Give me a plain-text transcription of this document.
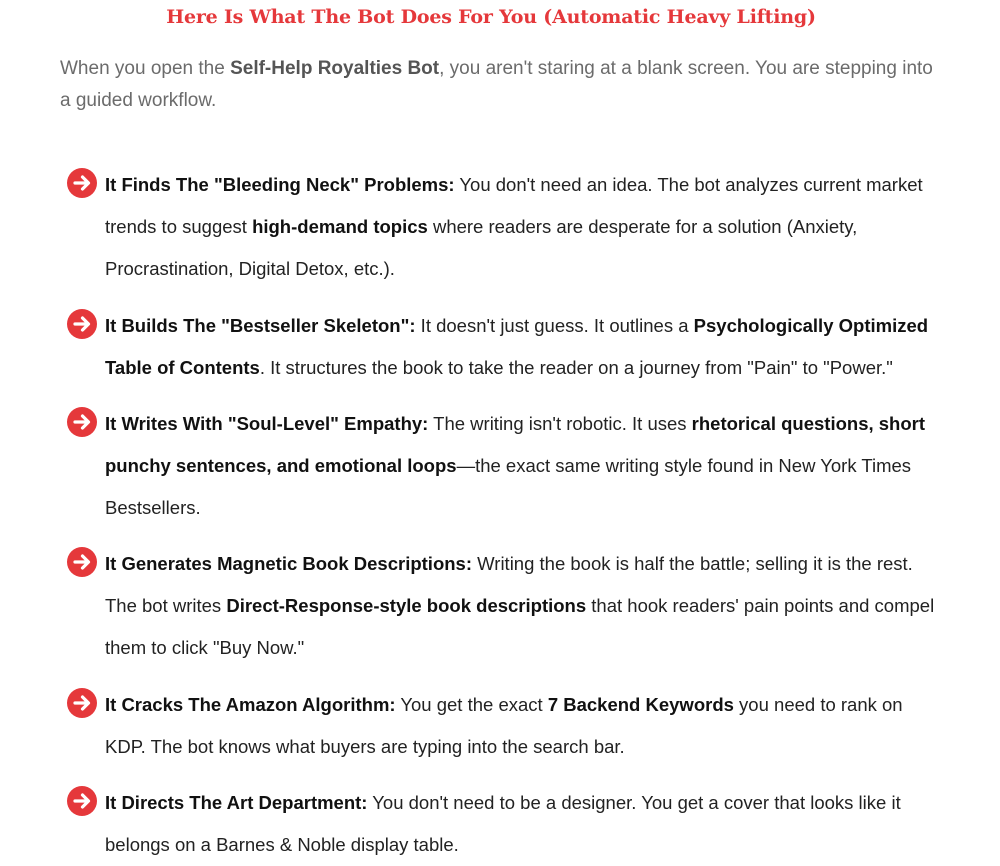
Here Is What The Bot Does For You (Automatic Heavy Lifting)

When you open the Self-Help Royalties Bot, you aren't staring at a blank screen. You are stepping into a guided workflow.

It Finds The "Bleeding Neck" Problems: You don't need an idea. The bot analyzes current market trends to suggest high-demand topics where readers are desperate for a solution (Anxiety, Procrastination, Digital Detox, etc.).

It Builds The "Bestseller Skeleton": It doesn't just guess. It outlines a Psychologically Optimized Table of Contents. It structures the book to take the reader on a journey from "Pain" to "Power."

It Writes With "Soul-Level" Empathy: The writing isn't robotic. It uses rhetorical questions, short punchy sentences, and emotional loops—the exact same writing style found in New York Times Bestsellers.

It Generates Magnetic Book Descriptions: Writing the book is half the battle; selling it is the rest. The bot writes Direct-Response-style book descriptions that hook readers' pain points and compel them to click "Buy Now."

It Cracks The Amazon Algorithm: You get the exact 7 Backend Keywords you need to rank on KDP. The bot knows what buyers are typing into the search bar.

It Directs The Art Department: You don't need to be a designer. You get a cover that looks like it belongs on a Barnes & Noble display table.
